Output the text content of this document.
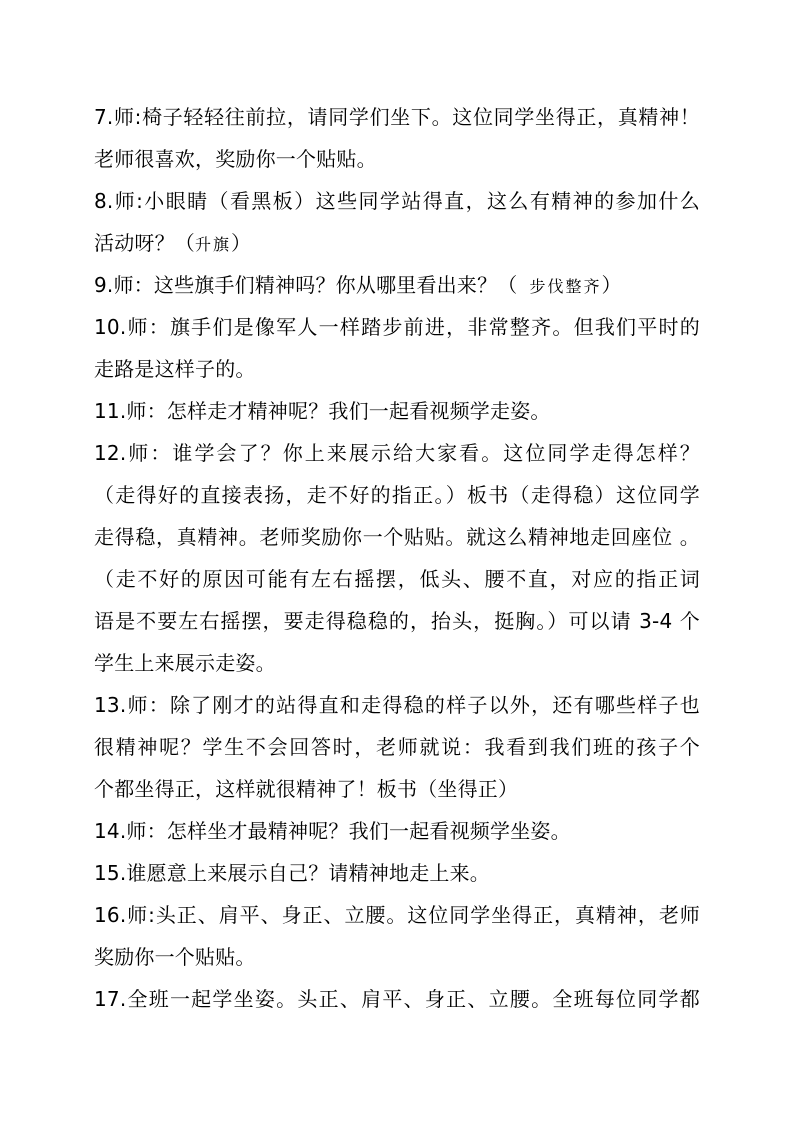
7.师:椅子轻轻往前拉，请同学们坐下。这位同学坐得正，真精神！
老师很喜欢，奖励你一个贴贴。
8.师:小眼睛（看黑板）这些同学站得直，这么有精神的参加什么
活动呀？（升旗）
9.师：这些旗手们精神吗？你从哪里看出来？（ 步伐整齐）
10.师：旗手们是像军人一样踏步前进，非常整齐。但我们平时的
走路是这样子的。
11.师：怎样走才精神呢？我们一起看视频学走姿。
12.师：谁学会了？你上来展示给大家看。这位同学走得怎样？
（走得好的直接表扬，走不好的指正。）板书（走得稳）这位同学
走得稳，真精神。老师奖励你一个贴贴。就这么精神地走回座位 。
（走不好的原因可能有左右摇摆，低头、腰不直，对应的指正词
语是不要左右摇摆，要走得稳稳的，抬头，挺胸。）可以请 3-4 个
学生上来展示走姿。
13.师：除了刚才的站得直和走得稳的样子以外，还有哪些样子也
很精神呢？学生不会回答时，老师就说：我看到我们班的孩子个
个都坐得正，这样就很精神了！板书（坐得正）
14.师：怎样坐才最精神呢？我们一起看视频学坐姿。
15.谁愿意上来展示自己？请精神地走上来。
16.师:头正、肩平、身正、立腰。这位同学坐得正，真精神，老师
奖励你一个贴贴。
17.全班一起学坐姿。头正、肩平、身正、立腰。全班每位同学都
